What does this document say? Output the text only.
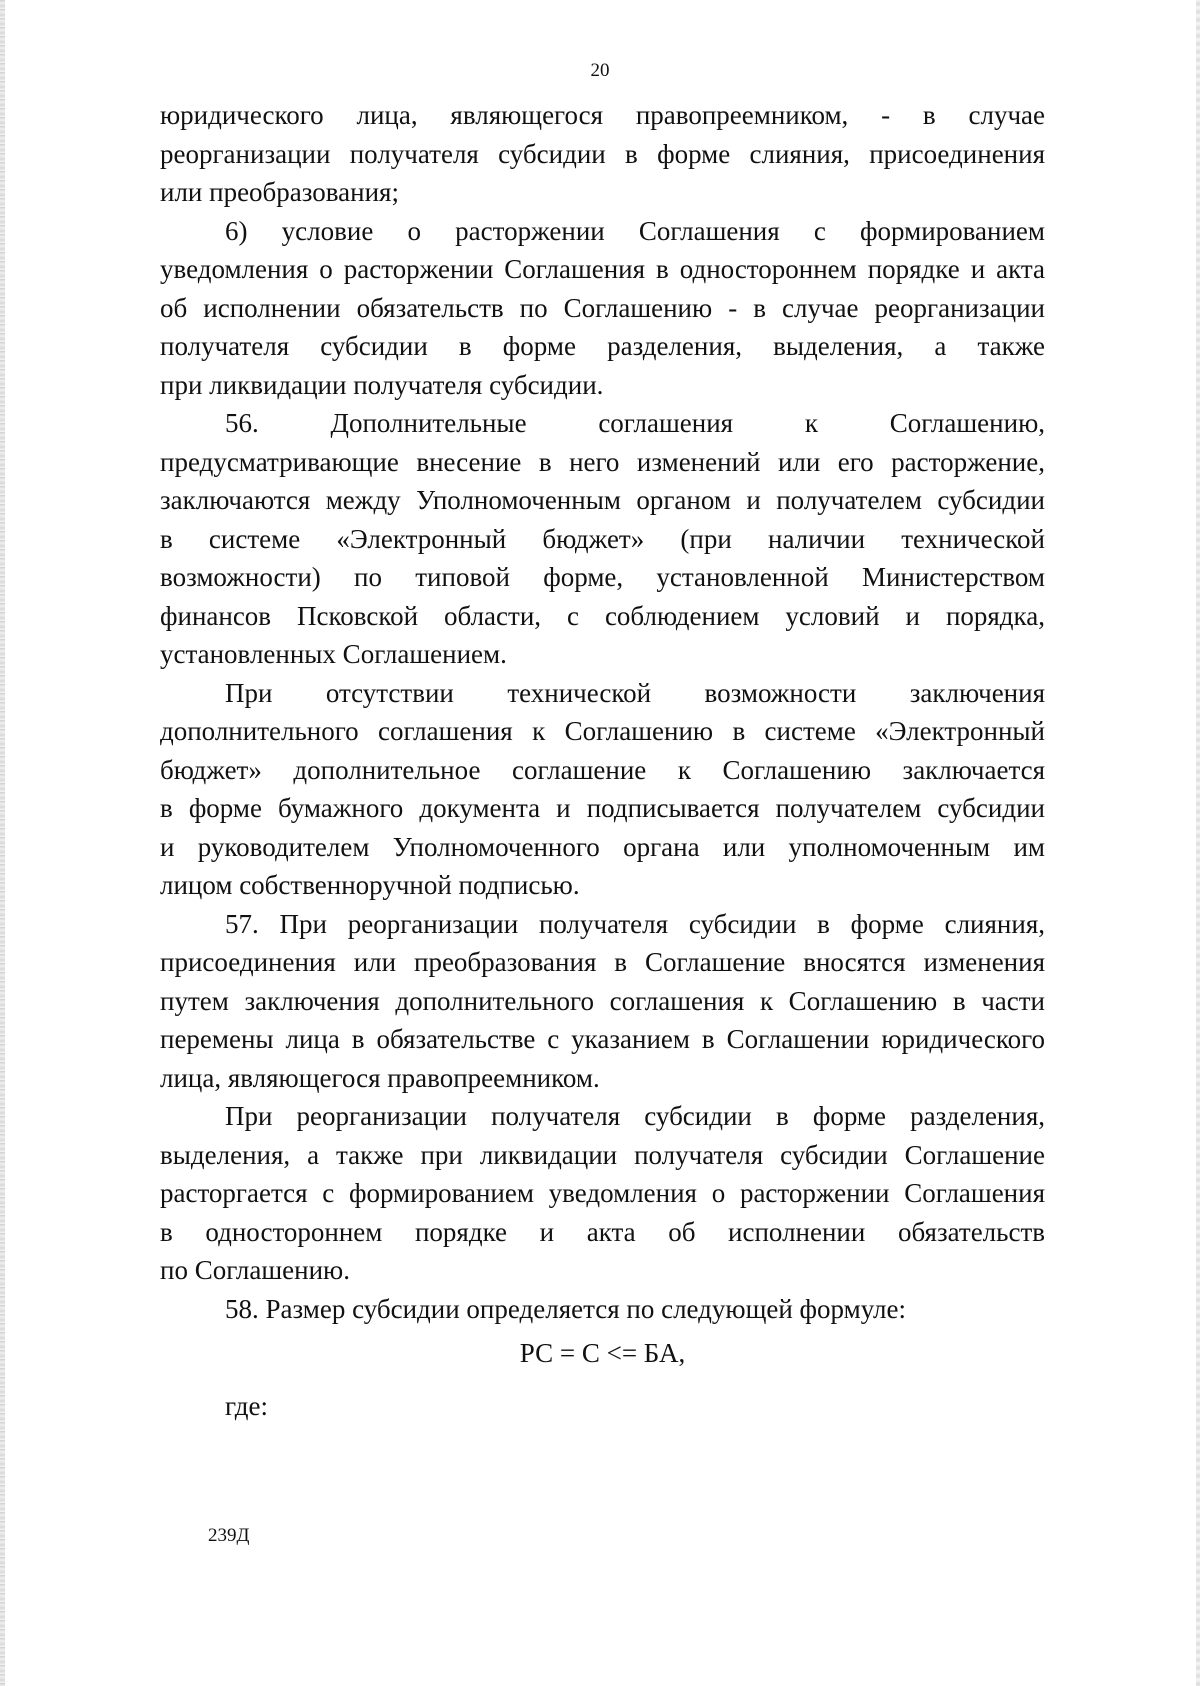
20
юридического лица, являющегося правопреемником, - в случае
реорганизации получателя субсидии в форме слияния, присоединения
или преобразования;
6) условие о расторжении Соглашения с формированием
уведомления о расторжении Соглашения в одностороннем порядке и акта
об исполнении обязательств по Соглашению - в случае реорганизации
получателя субсидии в форме разделения, выделения, а также
при ликвидации получателя субсидии.
56. Дополнительные соглашения к Соглашению,
предусматривающие внесение в него изменений или его расторжение,
заключаются между Уполномоченным органом и получателем субсидии
в системе «Электронный бюджет» (при наличии технической
возможности) по типовой форме, установленной Министерством
финансов Псковской области, с соблюдением условий и порядка,
установленных Соглашением.
При отсутствии технической возможности заключения
дополнительного соглашения к Соглашению в системе «Электронный
бюджет» дополнительное соглашение к Соглашению заключается
в форме бумажного документа и подписывается получателем субсидии
и руководителем Уполномоченного органа или уполномоченным им
лицом собственноручной подписью.
57. При реорганизации получателя субсидии в форме слияния,
присоединения или преобразования в Соглашение вносятся изменения
путем заключения дополнительного соглашения к Соглашению в части
перемены лица в обязательстве с указанием в Соглашении юридического
лица, являющегося правопреемником.
При реорганизации получателя субсидии в форме разделения,
выделения, а также при ликвидации получателя субсидии Соглашение
расторгается с формированием уведомления о расторжении Соглашения
в одностороннем порядке и акта об исполнении обязательств
по Соглашению.
58. Размер субсидии определяется по следующей формуле:
РС = С <= БА,
где:
239Д
